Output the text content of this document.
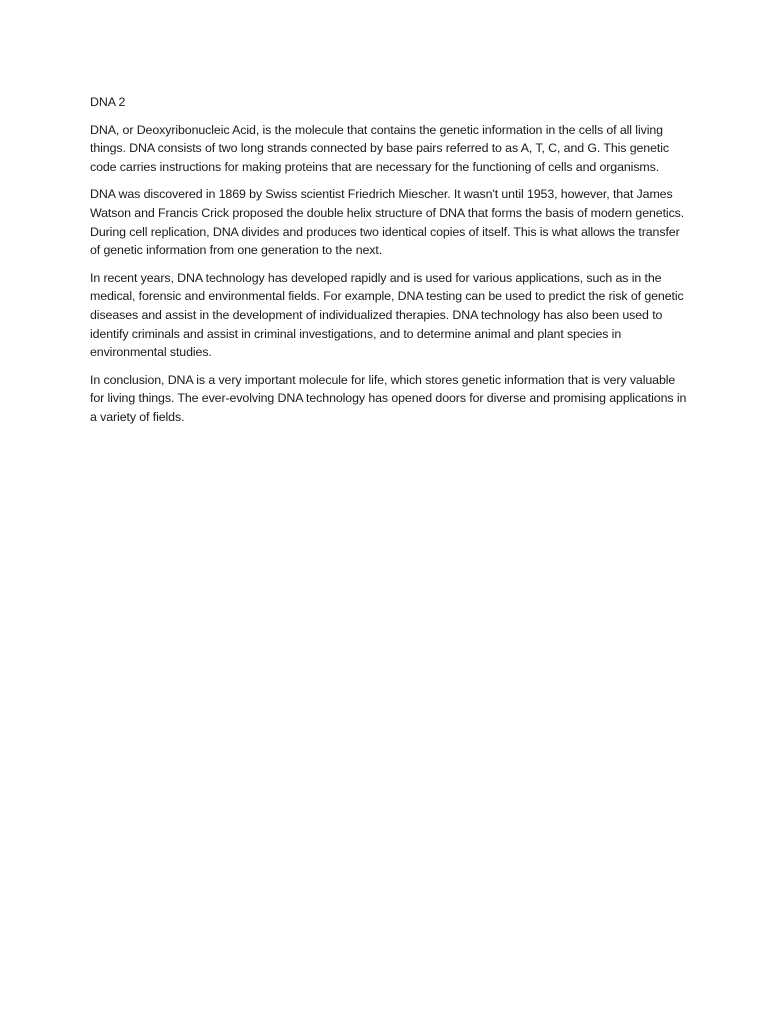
DNA 2

DNA, or Deoxyribonucleic Acid, is the molecule that contains the genetic information in the cells of all living things. DNA consists of two long strands connected by base pairs referred to as A, T, C, and G. This genetic code carries instructions for making proteins that are necessary for the functioning of cells and organisms.

DNA was discovered in 1869 by Swiss scientist Friedrich Miescher. It wasn't until 1953, however, that James Watson and Francis Crick proposed the double helix structure of DNA that forms the basis of modern genetics. During cell replication, DNA divides and produces two identical copies of itself. This is what allows the transfer of genetic information from one generation to the next.

In recent years, DNA technology has developed rapidly and is used for various applications, such as in the medical, forensic and environmental fields. For example, DNA testing can be used to predict the risk of genetic diseases and assist in the development of individualized therapies. DNA technology has also been used to identify criminals and assist in criminal investigations, and to determine animal and plant species in environmental studies.

In conclusion, DNA is a very important molecule for life, which stores genetic information that is very valuable for living things. The ever-evolving DNA technology has opened doors for diverse and promising applications in a variety of fields.
